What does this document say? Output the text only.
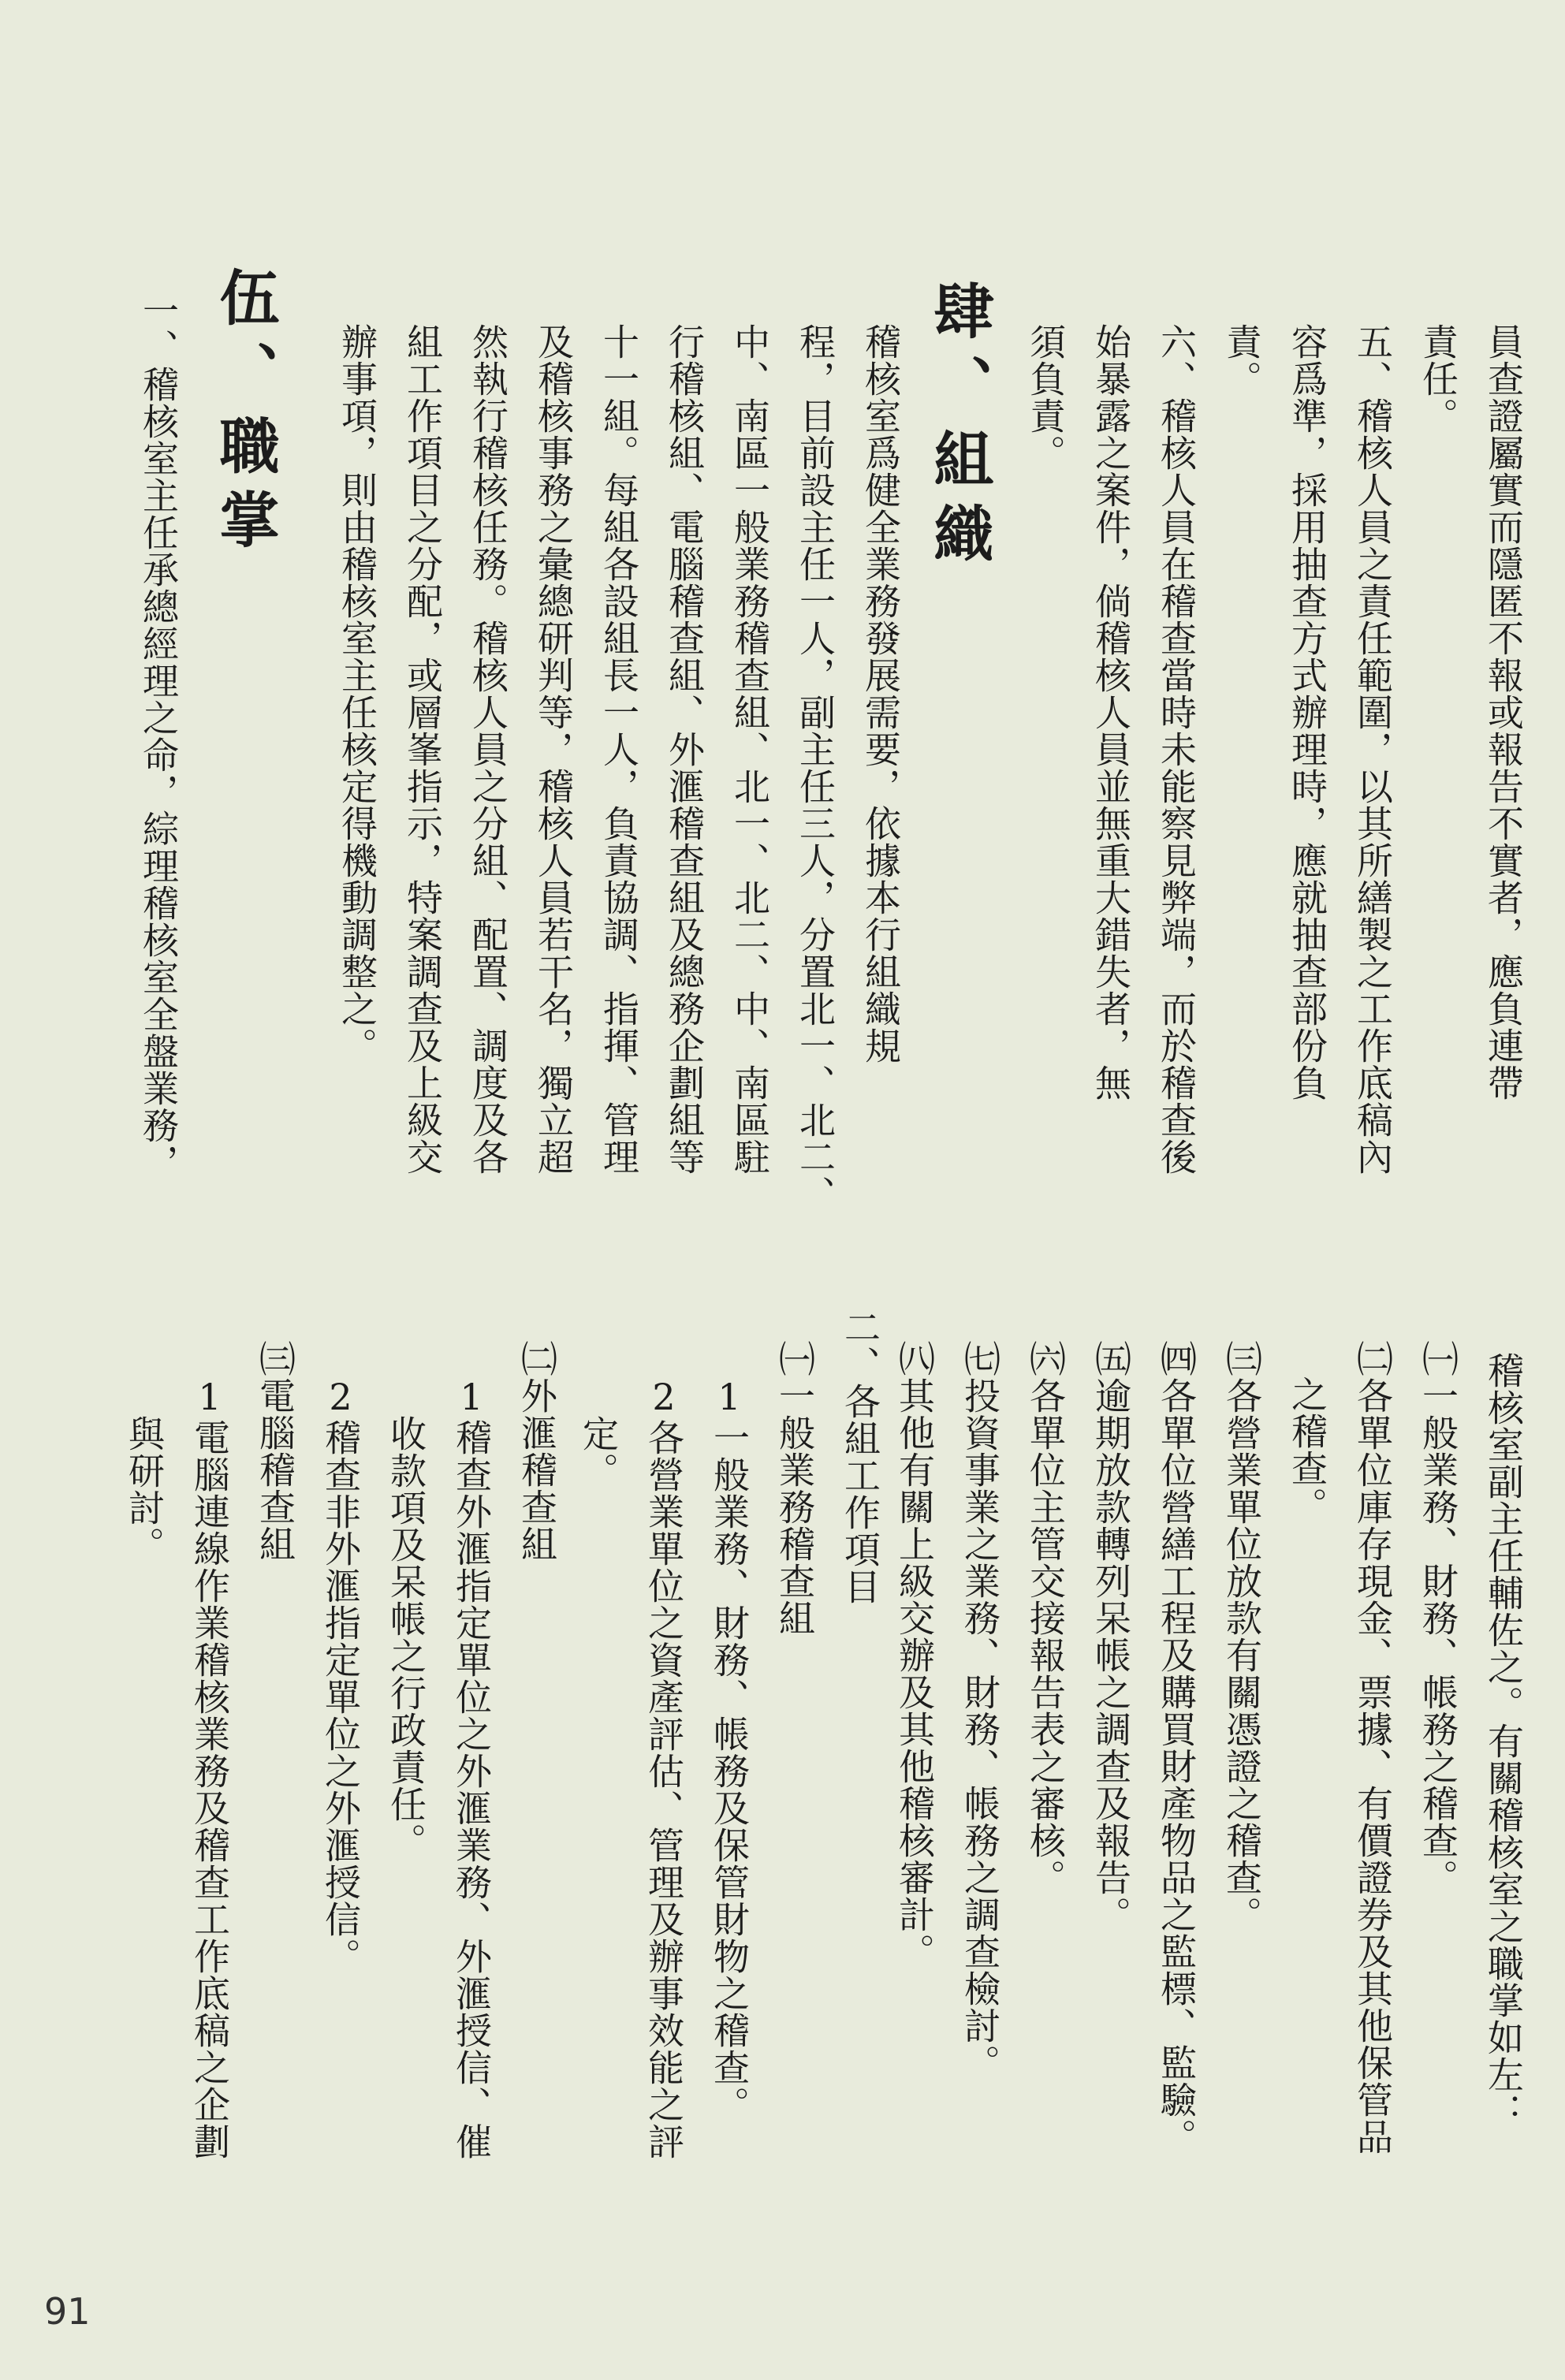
員查證屬實而隱匿不報或報告不實者，應負連帶
責任。
五、稽核人員之責任範圍，以其所繕製之工作底稿內
容爲準，採用抽查方式辦理時，應就抽查部份負
責。
六、稽核人員在稽查當時未能察見弊端，而於稽查後
始暴露之案件，倘稽核人員並無重大錯失者，無
須負責。
肆、組織
稽核室爲健全業務發展需要，依據本行組織規
程，目前設主任一人，副主任三人，分置北一、北二、
中、南區一般業務稽查組、北一、北二、中、南區駐
行稽核組、電腦稽查組、外滙稽查組及總務企劃組等
十一組。每組各設組長一人，負責協調、指揮、管理
及稽核事務之彙總研判等，稽核人員若干名，獨立超
然執行稽核任務。稽核人員之分組、配置、調度及各
組工作項目之分配，或層峯指示，特案調查及上級交
辦事項，則由稽核室主任核定得機動調整之。
伍、職掌
一、稽核室主任承總經理之命，綜理稽核室全盤業務，
稽核室副主任輔佐之。有關稽核室之職掌如左：
㈠一般業務、財務、帳務之稽查。
㈡各單位庫存現金、票據、有價證券及其他保管品
之稽查。
㈢各營業單位放款有關憑證之稽查。
㈣各單位營繕工程及購買財產物品之監標、監驗。
㈤逾期放款轉列呆帳之調查及報告。
㈥各單位主管交接報告表之審核。
㈦投資事業之業務、財務、帳務之調查檢討。
㈧其他有關上級交辦及其他稽核審計。
二、各組工作項目
㈠一般業務稽查組
1一般業務、財務、帳務及保管財物之稽查。
2各營業單位之資產評估、管理及辦事效能之評
定。
㈡外滙稽查組
1稽查外滙指定單位之外滙業務、外滙授信、催
收款項及呆帳之行政責任。
2稽查非外滙指定單位之外滙授信。
㈢電腦稽查組
1電腦連線作業稽核業務及稽查工作底稿之企劃
與研討。
91
